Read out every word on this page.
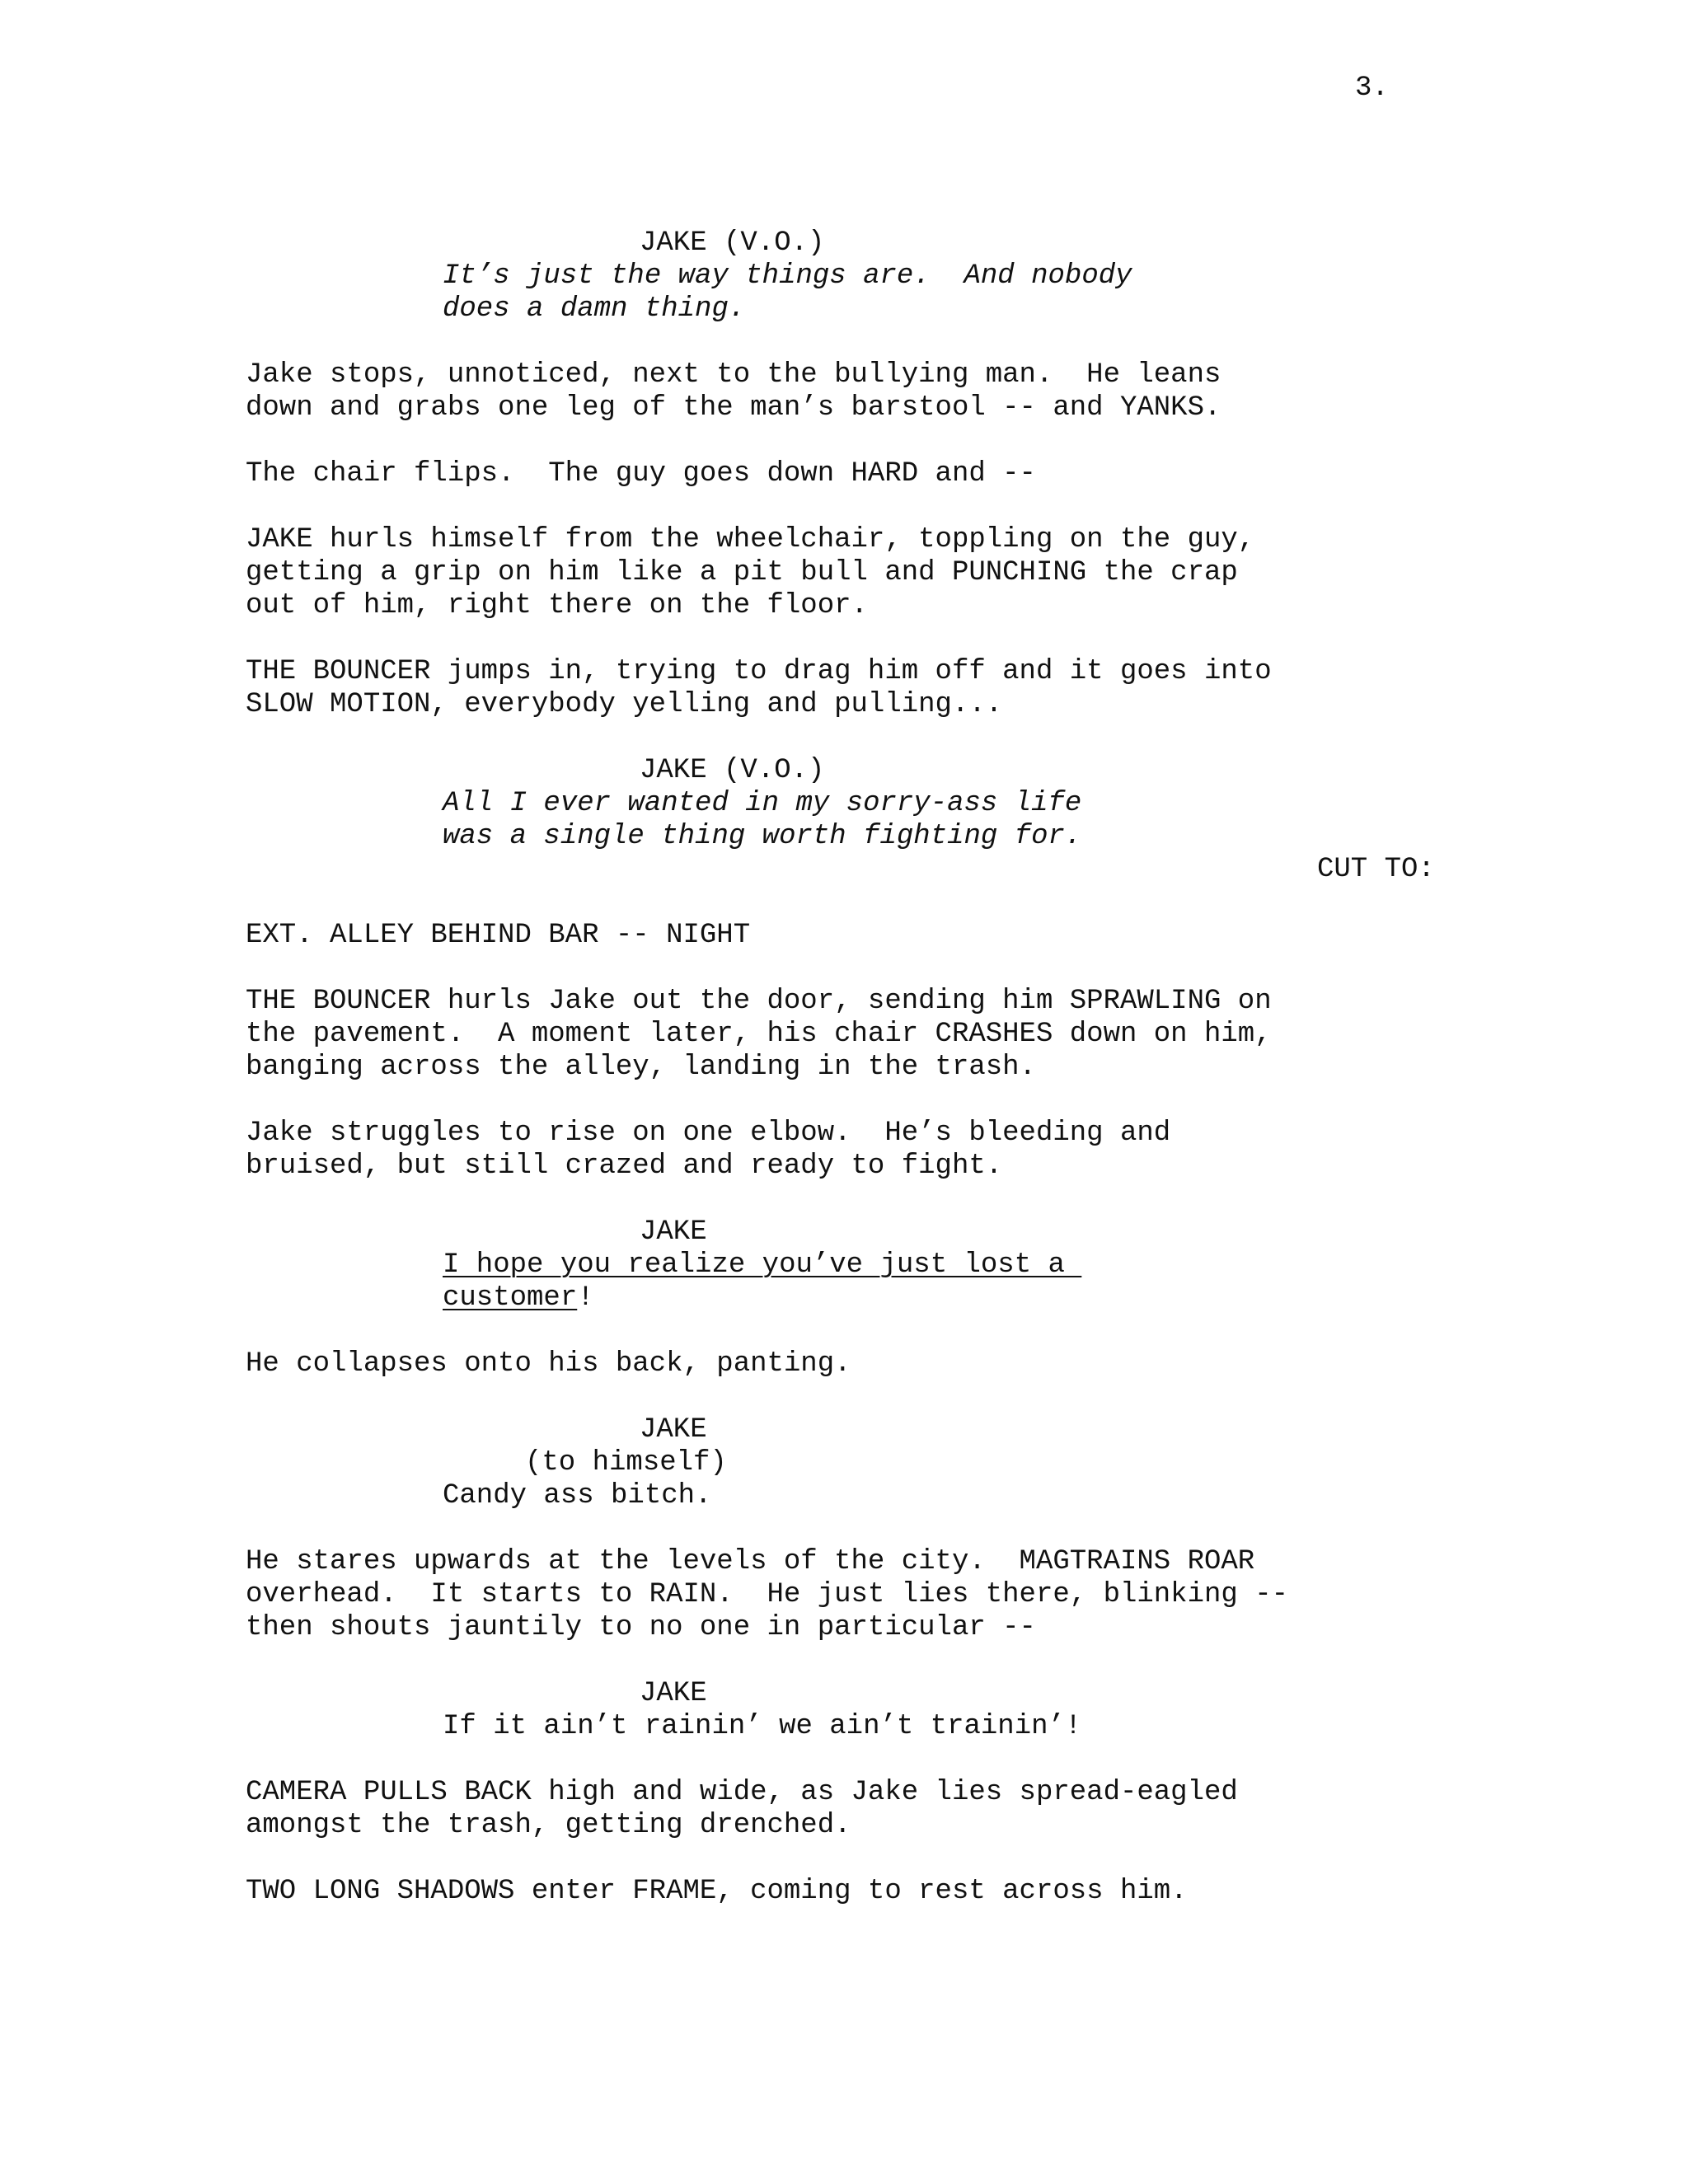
3.
JAKE (V.O.)
It’s just the way things are.  And nobody
does a damn thing.
Jake stops, unnoticed, next to the bullying man.  He leans
down and grabs one leg of the man’s barstool -- and YANKS.
The chair flips.  The guy goes down HARD and --
JAKE hurls himself from the wheelchair, toppling on the guy,
getting a grip on him like a pit bull and PUNCHING the crap
out of him, right there on the floor.
THE BOUNCER jumps in, trying to drag him off and it goes into
SLOW MOTION, everybody yelling and pulling...
JAKE (V.O.)
All I ever wanted in my sorry-ass life
was a single thing worth fighting for.
CUT TO:
EXT. ALLEY BEHIND BAR -- NIGHT
THE BOUNCER hurls Jake out the door, sending him SPRAWLING on
the pavement.  A moment later, his chair CRASHES down on him,
banging across the alley, landing in the trash.
Jake struggles to rise on one elbow.  He’s bleeding and
bruised, but still crazed and ready to fight.
JAKE
I hope you realize you’ve just lost a
customer!
He collapses onto his back, panting.
JAKE
(to himself)
Candy ass bitch.
He stares upwards at the levels of the city.  MAGTRAINS ROAR
overhead.  It starts to RAIN.  He just lies there, blinking --
then shouts jauntily to no one in particular --
JAKE
If it ain’t rainin’ we ain’t trainin’!
CAMERA PULLS BACK high and wide, as Jake lies spread-eagled
amongst the trash, getting drenched.
TWO LONG SHADOWS enter FRAME, coming to rest across him.
